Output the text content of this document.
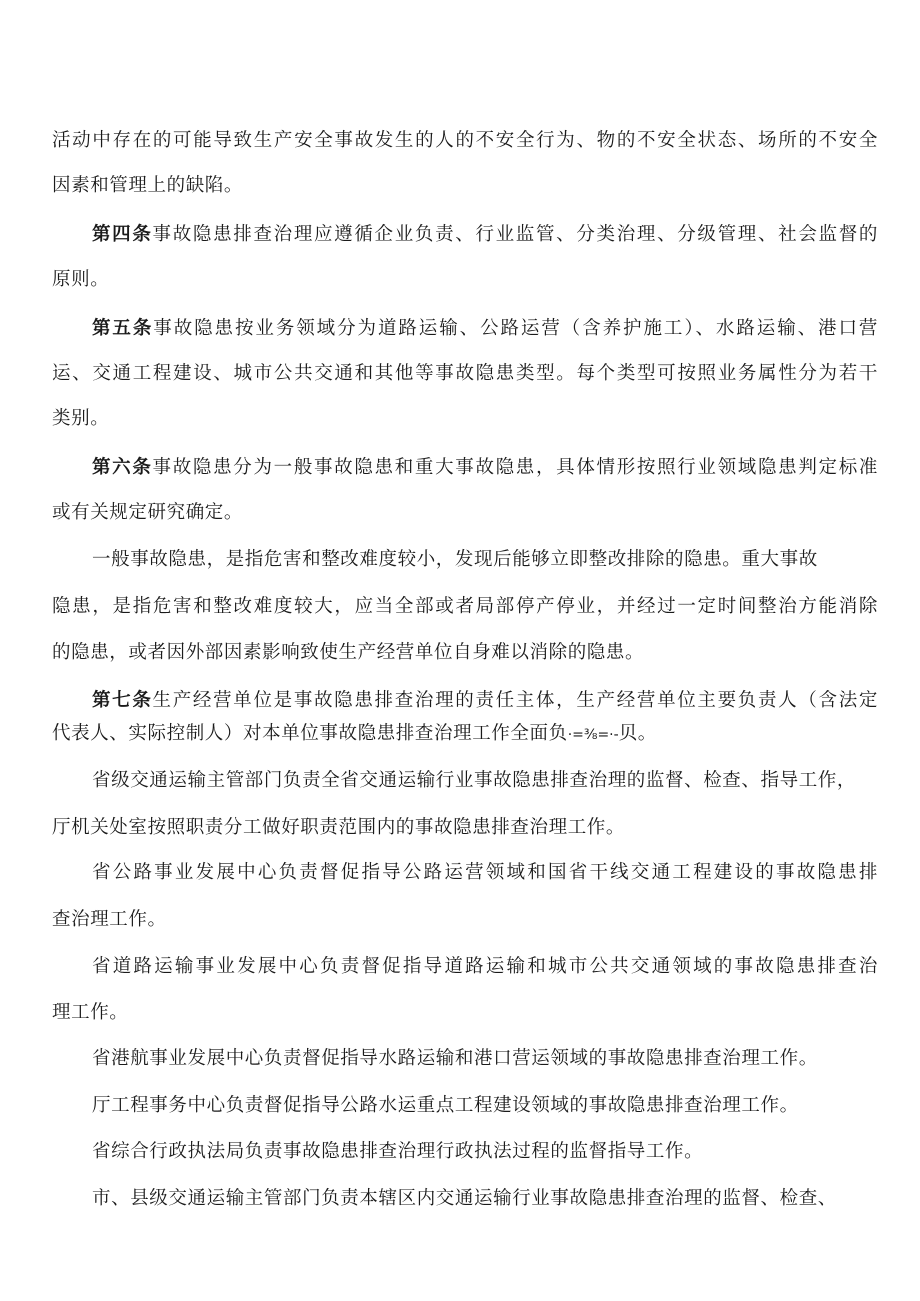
活动中存在的可能导致生产安全事故发生的人的不安全行为、物的不安全状态、场所的不安全

因素和管理上的缺陷。

第四条事故隐患排查治理应遵循企业负责、行业监管、分类治理、分级管理、社会监督的

原则。

第五条事故隐患按业务领域分为道路运输、公路运营（含养护施工）、水路运输、港口营

运、交通工程建设、城市公共交通和其他等事故隐患类型。每个类型可按照业务属性分为若干

类别。

第六条事故隐患分为一般事故隐患和重大事故隐患，具体情形按照行业领域隐患判定标准

或有关规定研究确定。

一般事故隐患，是指危害和整改难度较小，发现后能够立即整改排除的隐患。重大事故

隐患，是指危害和整改难度较大，应当全部或者局部停产停业，并经过一定时间整治方能消除

的隐患，或者因外部因素影响致使生产经营单位自身难以消除的隐患。

第七条生产经营单位是事故隐患排查治理的责任主体，生产经营单位主要负责人（含法定

代表人、实际控制人）对本单位事故隐患排查治理工作全面负·=⅜=·-贝。

省级交通运输主管部门负责全省交通运输行业事故隐患排查治理的监督、检查、指导工作，

厅机关处室按照职责分工做好职责范围内的事故隐患排查治理工作。

省公路事业发展中心负责督促指导公路运营领域和国省干线交通工程建设的事故隐患排

查治理工作。

省道路运输事业发展中心负责督促指导道路运输和城市公共交通领域的事故隐患排查治

理工作。

省港航事业发展中心负责督促指导水路运输和港口营运领域的事故隐患排查治理工作。

厅工程事务中心负责督促指导公路水运重点工程建设领域的事故隐患排查治理工作。

省综合行政执法局负责事故隐患排查治理行政执法过程的监督指导工作。

市、县级交通运输主管部门负责本辖区内交通运输行业事故隐患排查治理的监督、检查、
